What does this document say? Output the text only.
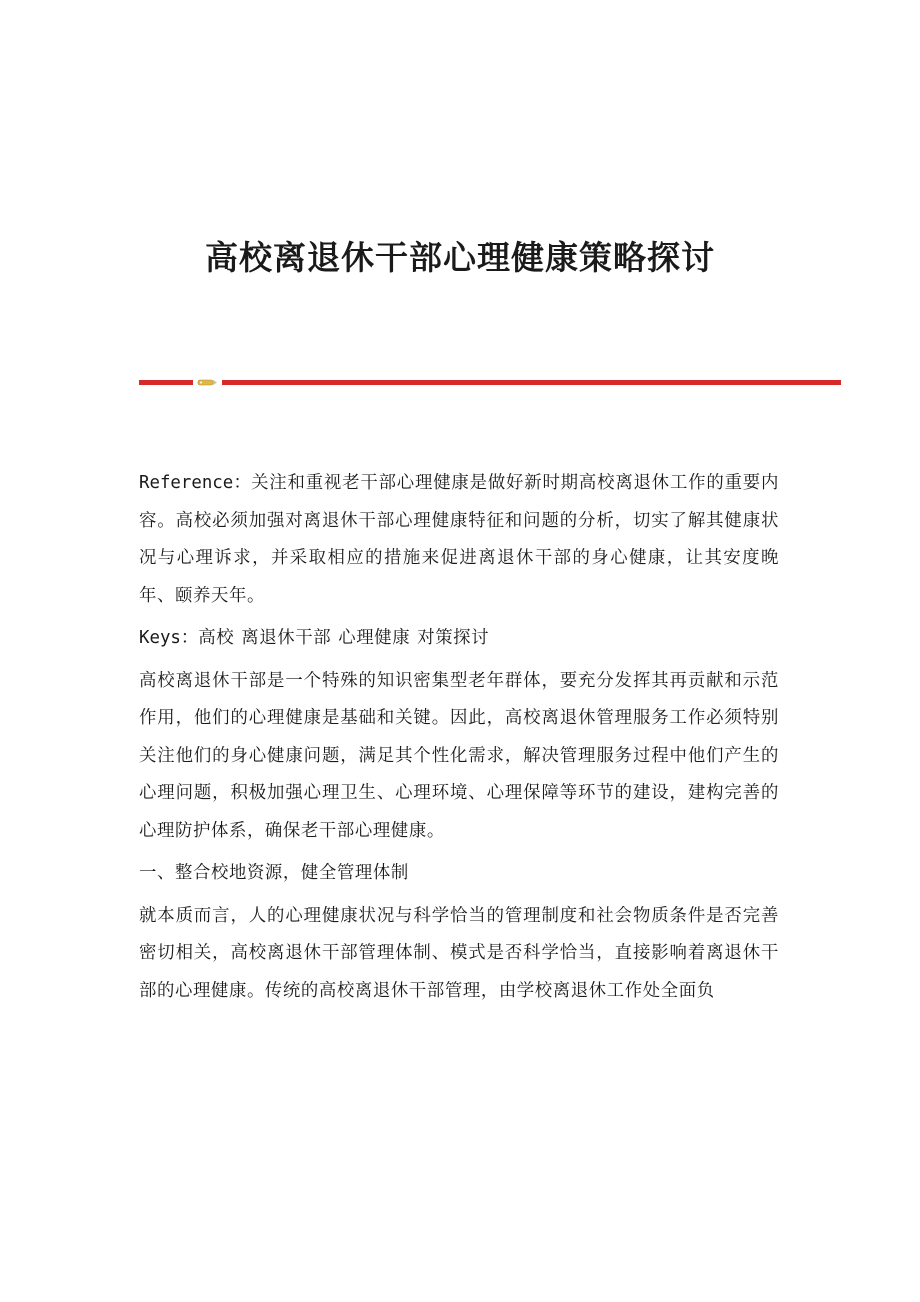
高校离退休干部心理健康策略探讨

Reference：关注和重视老干部心理健康是做好新时期高校离退休工作的重要内容。高校必须加强对离退休干部心理健康特征和问题的分析，切实了解其健康状况与心理诉求，并采取相应的措施来促进离退休干部的身心健康，让其安度晚年、颐养天年。

Keys：高校 离退休干部 心理健康 对策探讨

高校离退休干部是一个特殊的知识密集型老年群体，要充分发挥其再贡献和示范作用，他们的心理健康是基础和关键。因此，高校离退休管理服务工作必须特别关注他们的身心健康问题，满足其个性化需求，解决管理服务过程中他们产生的心理问题，积极加强心理卫生、心理环境、心理保障等环节的建设，建构完善的心理防护体系，确保老干部心理健康。

一、整合校地资源，健全管理体制

就本质而言，人的心理健康状况与科学恰当的管理制度和社会物质条件是否完善密切相关，高校离退休干部管理体制、模式是否科学恰当，直接影响着离退休干部的心理健康。传统的高校离退休干部管理，由学校离退休工作处全面负
